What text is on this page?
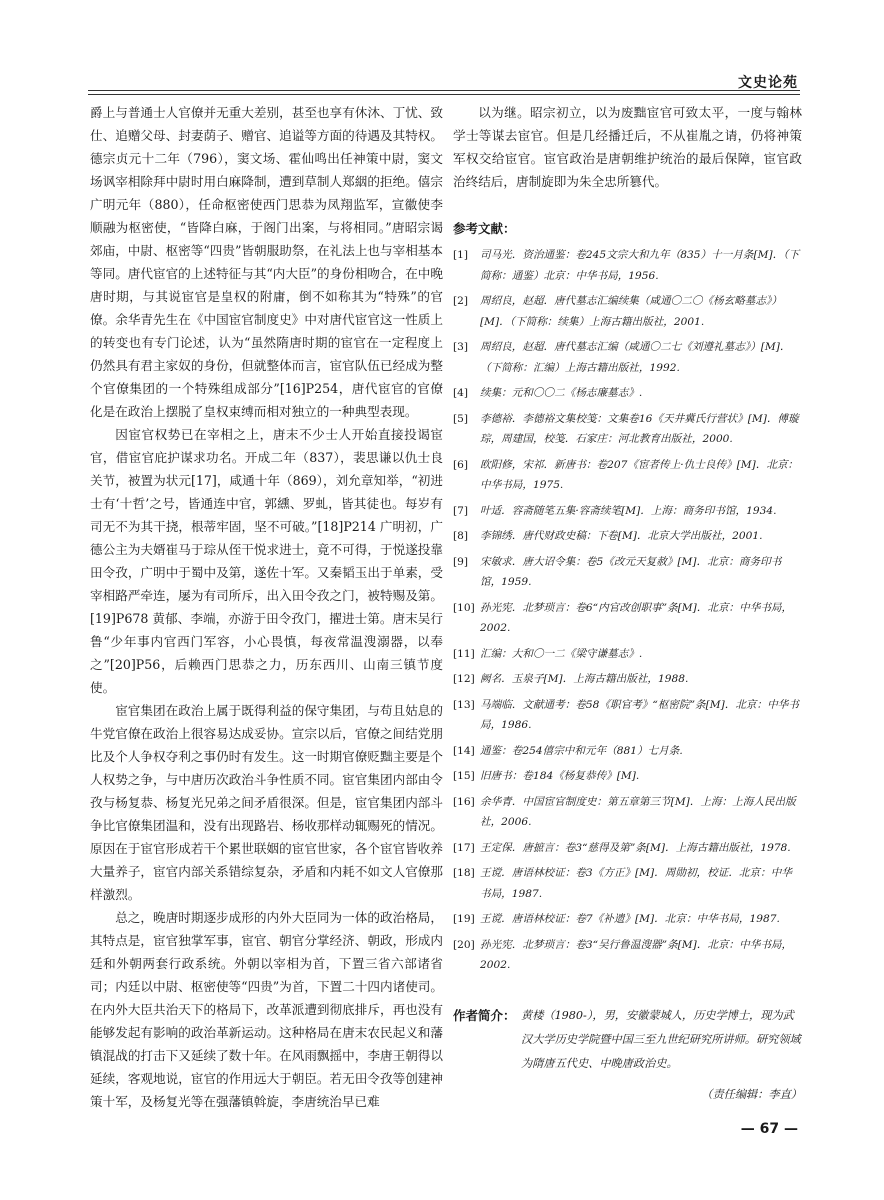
文史论苑

爵上与普通士人官僚并无重大差别，甚至也享有休沐、丁忧、致仕、追赠父母、封妻荫子、赠官、追谥等方面的待遇及其特权。德宗贞元十二年（796），窦文场、霍仙鸣出任神策中尉，窦文场讽宰相除拜中尉时用白麻降制，遭到草制人郑絪的拒绝。僖宗广明元年（880），任命枢密使西门思恭为凤翔监军，宣徽使李顺融为枢密使，“皆降白麻，于阁门出案，与将相同。”唐昭宗谒郊庙，中尉、枢密等“四贵”皆朝服助祭，在礼法上也与宰相基本等同。唐代宦官的上述特征与其“内大臣”的身份相吻合，在中晚唐时期，与其说宦官是皇权的附庸，倒不如称其为“特殊”的官僚。余华青先生在《中国宦官制度史》中对唐代宦官这一性质上的转变也有专门论述，认为“虽然隋唐时期的宦官在一定程度上仍然具有君主家奴的身份，但就整体而言，宦官队伍已经成为整个官僚集团的一个特殊组成部分”[16]P254，唐代宦官的官僚化是在政治上摆脱了皇权束缚而相对独立的一种典型表现。

因宦官权势已在宰相之上，唐末不少士人开始直接投谒宦官，借宦官庇护谋求功名。开成二年（837），裴思谦以仇士良关节，被置为状元[17]，咸通十年（869），刘允章知举，“初进士有‘十哲’之号，皆通连中官，郭纁、罗虬，皆其徒也。每岁有司无不为其干挠，根蒂牢固，坚不可破。”[18]P214 广明初，广德公主为夫婿崔马于琮从侄干悦求进士，竟不可得，于悦遂投靠田令孜，广明中于蜀中及第，遂佐十军。又秦韬玉出于单素，受宰相路严牵连，屡为有司所斥，出入田令孜之门，被特赐及第。[19]P678 黄郁、李端，亦游于田令孜门，擢进士第。唐末吴行鲁“少年事内官西门军容，小心畏慎，每夜常温溲溺器，以奉之”[20]P56，后赖西门思恭之力，历东西川、山南三镇节度使。

宦官集团在政治上属于既得利益的保守集团，与苟且姑息的牛党官僚在政治上很容易达成妥协。宣宗以后，官僚之间结党朋比及个人争权夺利之事仍时有发生。这一时期官僚贬黜主要是个人权势之争，与中唐历次政治斗争性质不同。宦官集团内部由令孜与杨复恭、杨复光兄弟之间矛盾很深。但是，宦官集团内部斗争比官僚集团温和，没有出现路岩、杨收那样动辄赐死的情况。原因在于宦官形成若干个累世联姻的宦官世家，各个宦官皆收养大量养子，宦官内部关系错综复杂，矛盾和内耗不如文人官僚那样激烈。

总之，晚唐时期逐步成形的内外大臣同为一体的政治格局，其特点是，宦官独掌军事，宦官、朝官分掌经济、朝政，形成内廷和外朝两套行政系统。外朝以宰相为首，下置三省六部诸省司；内廷以中尉、枢密使等“四贵”为首，下置二十四内诸使司。在内外大臣共治天下的格局下，改革派遭到彻底排斥，再也没有能够发起有影响的政治革新运动。这种格局在唐末农民起义和藩镇混战的打击下又延续了数十年。在风雨飘摇中，李唐王朝得以延续，客观地说，宦官的作用远大于朝臣。若无田令孜等创建神策十军，及杨复光等在强藩镇斡旋，李唐统治早已难

以为继。昭宗初立，以为废黜宦官可致太平，一度与翰林学士等谋去宦官。但是几经播迁后，不从崔胤之请，仍将神策军权交给宦官。宦官政治是唐朝维护统治的最后保障，宦官政治终结后，唐制旋即为朱全忠所篡代。

参考文献：

[1] 司马光．资治通鉴：卷245文宗大和九年（835）十一月条[M]．（下简称：通鉴）北京：中华书局，1956.

[2] 周绍良，赵超．唐代墓志汇编续集（咸通〇二〇《杨玄略墓志》）[M]．（下简称：续集）上海古籍出版社，2001.

[3] 周绍良，赵超．唐代墓志汇编（咸通〇二七《刘遵礼墓志》）[M]．（下简称：汇编）上海古籍出版社，1992.

[4] 续集：元和〇〇二《杨志廉墓志》.

[5] 李德裕．李德裕文集校笺：文集卷16《天井冀氏行营状》[M]．傅璇琮，周建国，校笺．石家庄：河北教育出版社，2000.

[6] 欧阳修，宋祁．新唐书：卷207《宦者传上·仇士良传》[M]．北京：中华书局，1975.

[7] 叶适．容斋随笔五集·容斋续笔[M]．上海：商务印书馆，1934.

[8] 李锦绣．唐代财政史稿：下卷[M]．北京大学出版社，2001.

[9] 宋敏求．唐大诏令集：卷5《改元天复赦》[M]．北京：商务印书馆，1959.

[10] 孙光宪．北梦琐言：卷6“内官改创职事”条[M]．北京：中华书局，2002.

[11] 汇编：大和〇一二《梁守谦墓志》.

[12] 阙名．玉泉子[M]．上海古籍出版社，1988.

[13] 马端临．文献通考：卷58《职官考》“枢密院”条[M]．北京：中华书局，1986.

[14] 通鉴：卷254僖宗中和元年（881）七月条.

[15] 旧唐书：卷184《杨复恭传》[M].

[16] 余华青．中国宦官制度史：第五章第三节[M]．上海：上海人民出版社，2006.

[17] 王定保．唐摭言：卷3“慈得及第”条[M]．上海古籍出版社，1978.

[18] 王谠．唐语林校证：卷3《方正》[M]．周勋初，校证．北京：中华书局，1987.

[19] 王谠．唐语林校证：卷7《补遗》[M]．北京：中华书局，1987.

[20] 孙光宪．北梦琐言：卷3“吴行鲁温溲器”条[M]．北京：中华书局，2002.

作者简介： 黄楼（1980-），男，安徽蒙城人，历史学博士，现为武汉大学历史学院暨中国三至九世纪研究所讲师。研究领域为隋唐五代史、中晚唐政治史。
（责任编辑：李直）
— 67 —
